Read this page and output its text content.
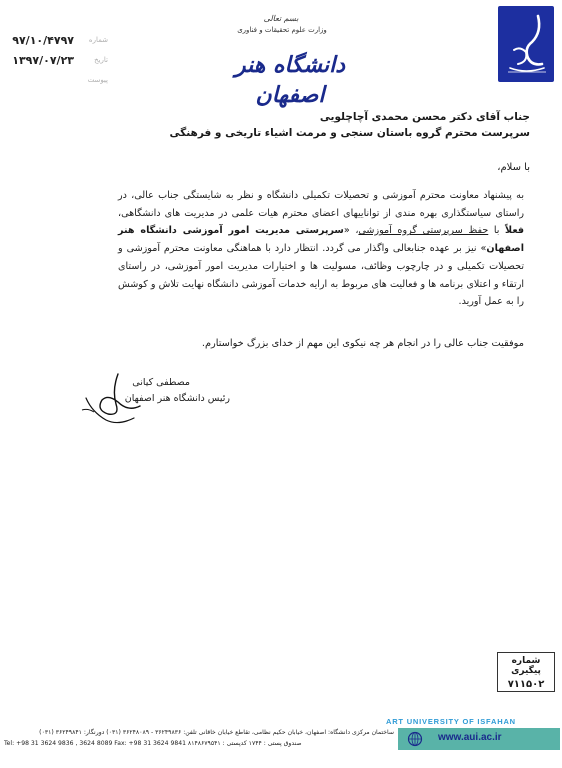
بسم تعالی
وزارت علوم تحقیقات و فناوری
دانشگاه هنر اصفهان
شماره
۹۷/۱۰/۴۷۹۷
تاریخ
۱۳۹۷/۰۷/۲۳
پیوست
جناب آقای دکتر محسن محمدی آچاچلویی
سرپرست محترم گروه باستان سنجی و مرمت اشیاء تاریخی و فرهنگی
با سلام،
به پیشنهاد معاونت محترم آموزشی و تحصیلات تکمیلی دانشگاه و نظر به شایستگی جناب عالی، در راستای سیاستگذاری بهره مندی از تواناییهای اعضای محترم هیات علمی در مدیریت های دانشگاهی، فعلاً با حفظ سرپرستی گروه آموزشی، «سرپرستی مدیریت امور آموزشی دانشگاه هنر اصفهان» نیز بر عهده جنابعالی واگذار می گردد. انتظار دارد با هماهنگی معاونت محترم آموزشی و تحصیلات تکمیلی و در چارچوب وظائف، مسولیت ها و اختیارات مدیریت امور آموزشی، در راستای ارتقاء و اعتلای برنامه ها و فعالیت های مربوط به ارایه خدمات آموزشی دانشگاه نهایت تلاش و کوشش را به عمل آورید.
موفقیت جناب عالی را در انجام هر چه نیکوی این مهم از خدای بزرگ خواستارم.
مصطفی کیانی
رئیس دانشگاه هنر اصفهان
شماره پیگیری
۷۱۱۵۰۲
ART UNIVERSITY OF ISFAHAN
www.aui.ac.ir
ساختمان مرکزی دانشگاه: اصفهان، خیابان حکیم نظامی، تقاطع خیابان خاقانی تلفن: ۳۶۲۴۹۸۳۶ - ۳۶۲۴۸۰۸۹ (۰۳۱) دورنگار: ۳۶۲۴۹۸۴۱ (۰۳۱)
Tel: +98 31 3624 9836 , 3624 8089 Fax: +98 31 3624 9841 صندوق پستی : ۱۷۴۴ کدپستی : ۸۱۴۸۶۷۹۵۴۱
